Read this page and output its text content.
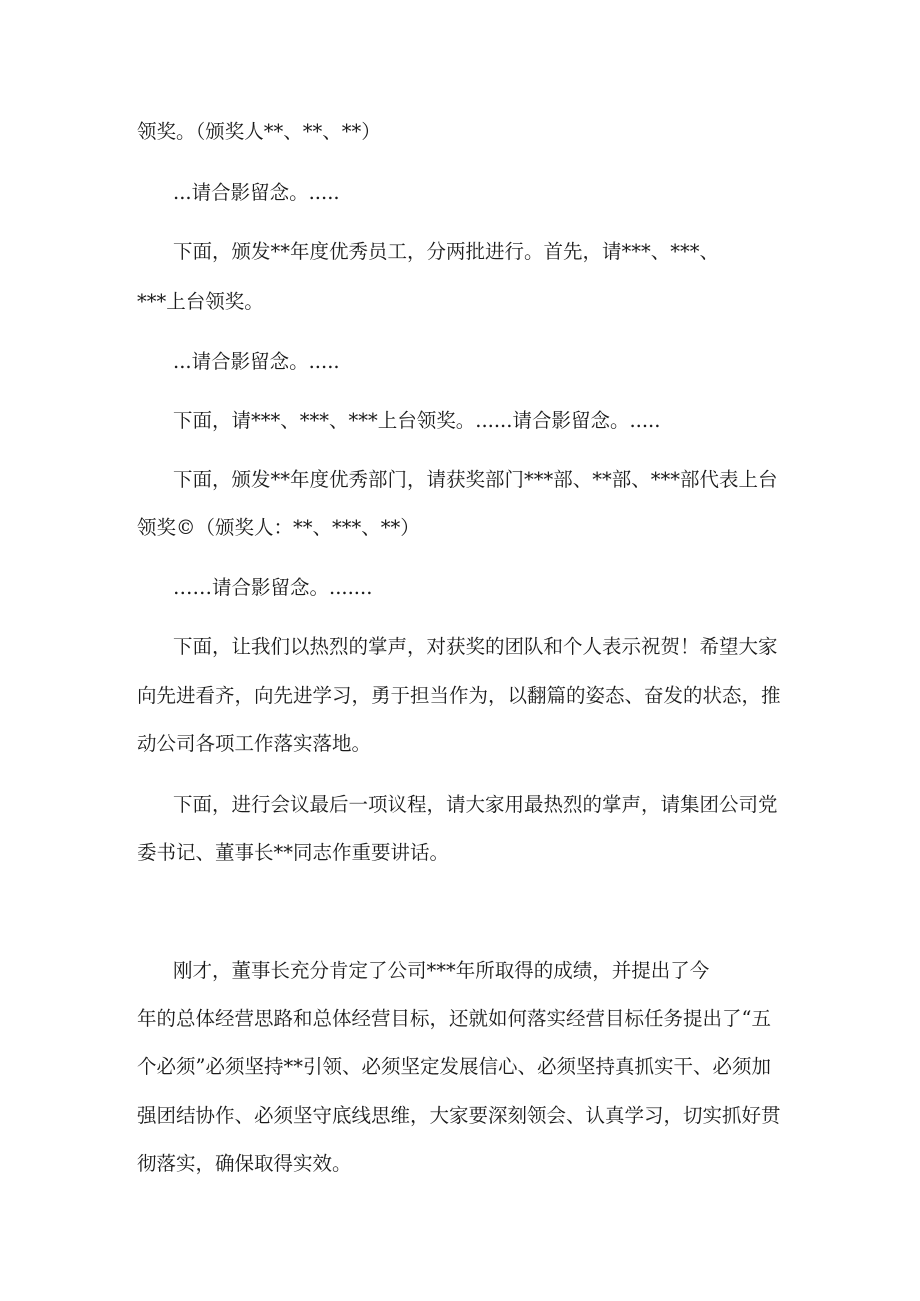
领奖。（颁奖人**、**、**）
...请合影留念。.....
下面，颁发**年度优秀员工，分两批进行。首先，请***、***、
***上台领奖。
...请合影留念。.....
下面，请***、***、***上台领奖。......请合影留念。.....
下面，颁发**年度优秀部门，请获奖部门***部、**部、***部代表上台
领奖©（颁奖人：**、***、**）
……请合影留念。.......
下面，让我们以热烈的掌声，对获奖的团队和个人表示祝贺！希望大家
向先进看齐，向先进学习，勇于担当作为，以翻篇的姿态、奋发的状态，推
动公司各项工作落实落地。
下面，进行会议最后一项议程，请大家用最热烈的掌声，请集团公司党
委书记、董事长**同志作重要讲话。
刚才，董事长充分肯定了公司***年所取得的成绩，并提出了今
年的总体经营思路和总体经营目标，还就如何落实经营目标任务提出了“五
个必须”必须坚持**引领、必须坚定发展信心、必须坚持真抓实干、必须加
强团结协作、必须坚守底线思维，大家要深刻领会、认真学习，切实抓好贯
彻落实，确保取得实效。
